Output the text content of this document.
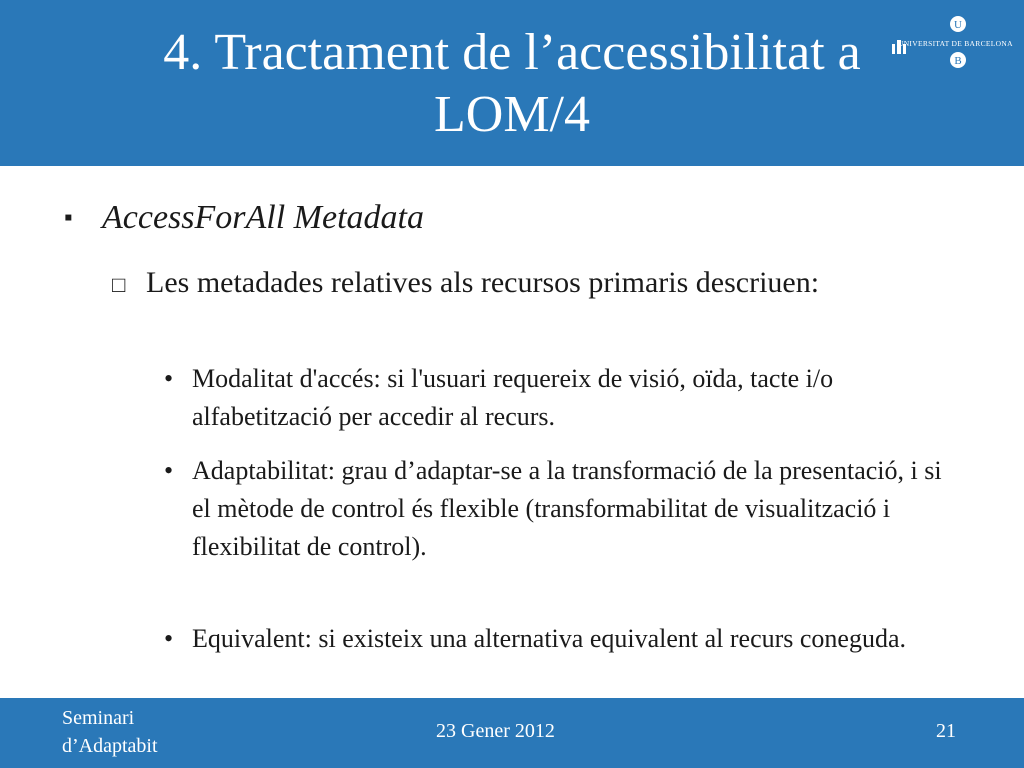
4. Tractament de l’accessibilitat a
LOM/4
U
B
UNIVERSITAT DE BARCELONA
▪ AccessForAll Metadata
□ Les metadades relatives als recursos primaris descriuen:
• Modalitat d'accés: si l'usuari requereix de visió, oïda, tacte i/o alfabetització per accedir al recurs.
• Adaptabilitat: grau d’adaptar-se a la transformació de la presentació, i si el mètode de control és flexible (transformabilitat de visualització i flexibilitat de control).
• Equivalent: si existeix una alternativa equivalent al recurs coneguda.
Seminari
d’Adaptabit
23 Gener 2012	21
